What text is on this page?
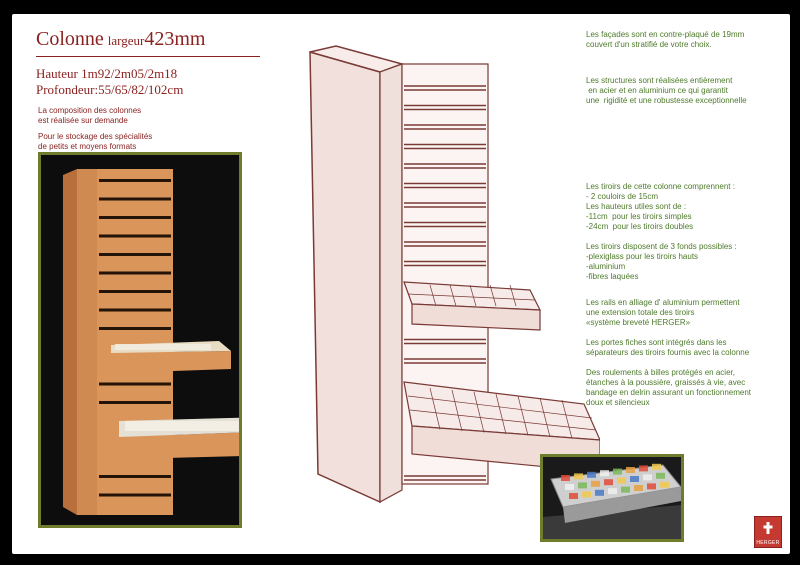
Colonne largeur423mm
Hauteur 1m92/2m05/2m18
Profondeur:55/65/82/102cm
La composition des colonnes
est réalisée sur demande
Pour le stockage des spécialités
de petits et moyens formats
Les façades sont en contre-plaqué de 19mm
couvert d'un stratifié de votre choix.
Les structures sont réalisées entièrement
en acier et en aluminium ce qui garantit
une  rigidité et une robustesse exceptionnelle
Les tiroirs de cette colonne comprennent :
- 2 couloirs de 15cm
Les hauteurs utiles sont de :
-11cm  pour les tiroirs simples
-24cm  pour les tiroirs doubles
Les tiroirs disposent de 3 fonds possibles :
-plexiglass pour les tiroirs hauts
-aluminium
-fibres laquées
Les rails en alliage d' aluminium permettent
une extension totale des tiroirs
«système breveté HERGER»
Les portes fiches sont intégrés dans les
séparateurs des tiroirs fournis avec la colonne
Des roulements à billes protégés en acier,
étanches à la poussière, graissés à vie, avec
bandage en delrin assurant un fonctionnement
doux et silencieux
HERGER
